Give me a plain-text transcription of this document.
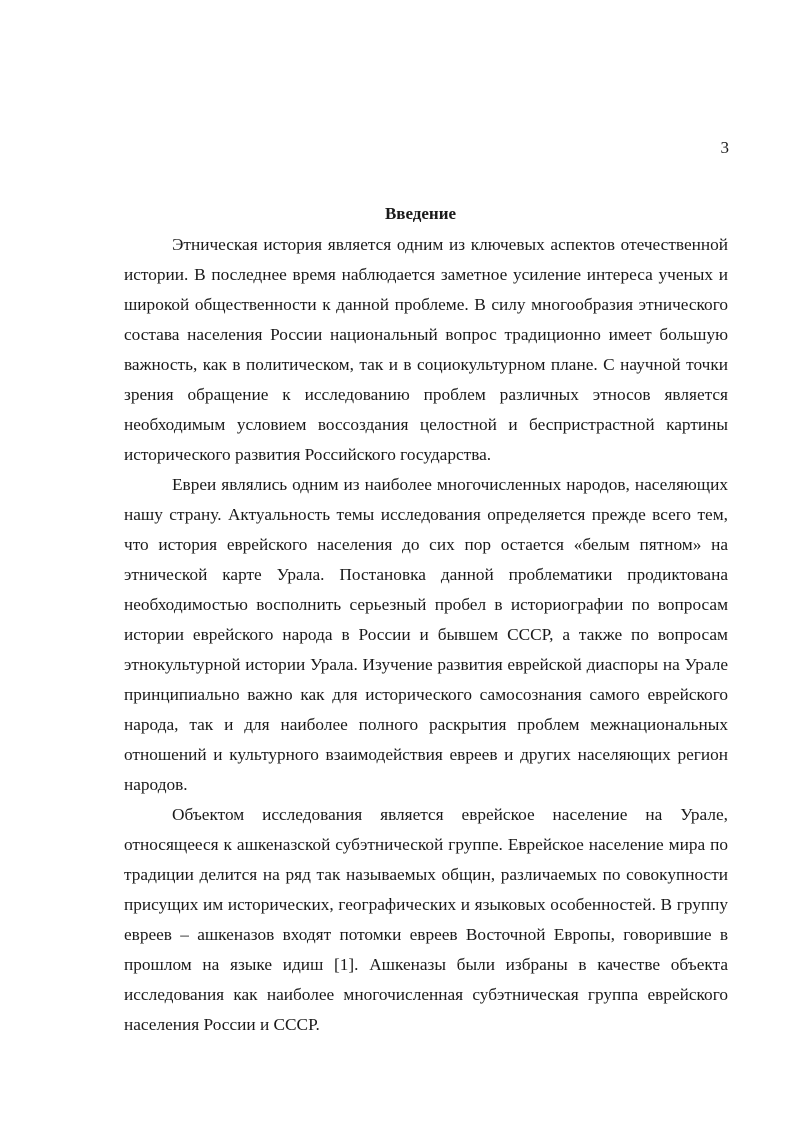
3
Введение

Этническая история является одним из ключевых аспектов отечественной истории. В последнее время наблюдается заметное усиление интереса ученых и широкой общественности к данной проблеме. В силу многообразия этнического состава населения России национальный вопрос традиционно имеет большую важность, как в политическом, так и в социокультурном плане. С научной точки зрения обращение к исследованию проблем различных этносов является необходимым условием воссоздания целостной и беспристрастной картины исторического развития Российского государства.

Евреи являлись одним из наиболее многочисленных народов, населяющих нашу страну. Актуальность темы исследования определяется прежде всего тем, что история еврейского населения до сих пор остается «белым пятном» на этнической карте Урала. Постановка данной проблематики продиктована необходимостью восполнить серьезный пробел в историографии по вопросам истории еврейского народа в России и бывшем СССР, а также по вопросам этнокультурной истории Урала. Изучение развития еврейской диаспоры на Урале принципиально важно как для исторического самосознания самого еврейского народа, так и для наиболее полного раскрытия проблем межнациональных отношений и культурного взаимодействия евреев и других населяющих регион народов.

Объектом исследования является еврейское население на Урале, относящееся к ашкеназской субэтнической группе. Еврейское население мира по традиции делится на ряд так называемых общин, различаемых по совокупности присущих им исторических, географических и языковых особенностей. В группу евреев – ашкеназов входят потомки евреев Восточной Европы, говорившие в прошлом на языке идиш [1]. Ашкеназы были избраны в качестве объекта исследования как наиболее многочисленная субэтническая группа еврейского населения России и СССР.
